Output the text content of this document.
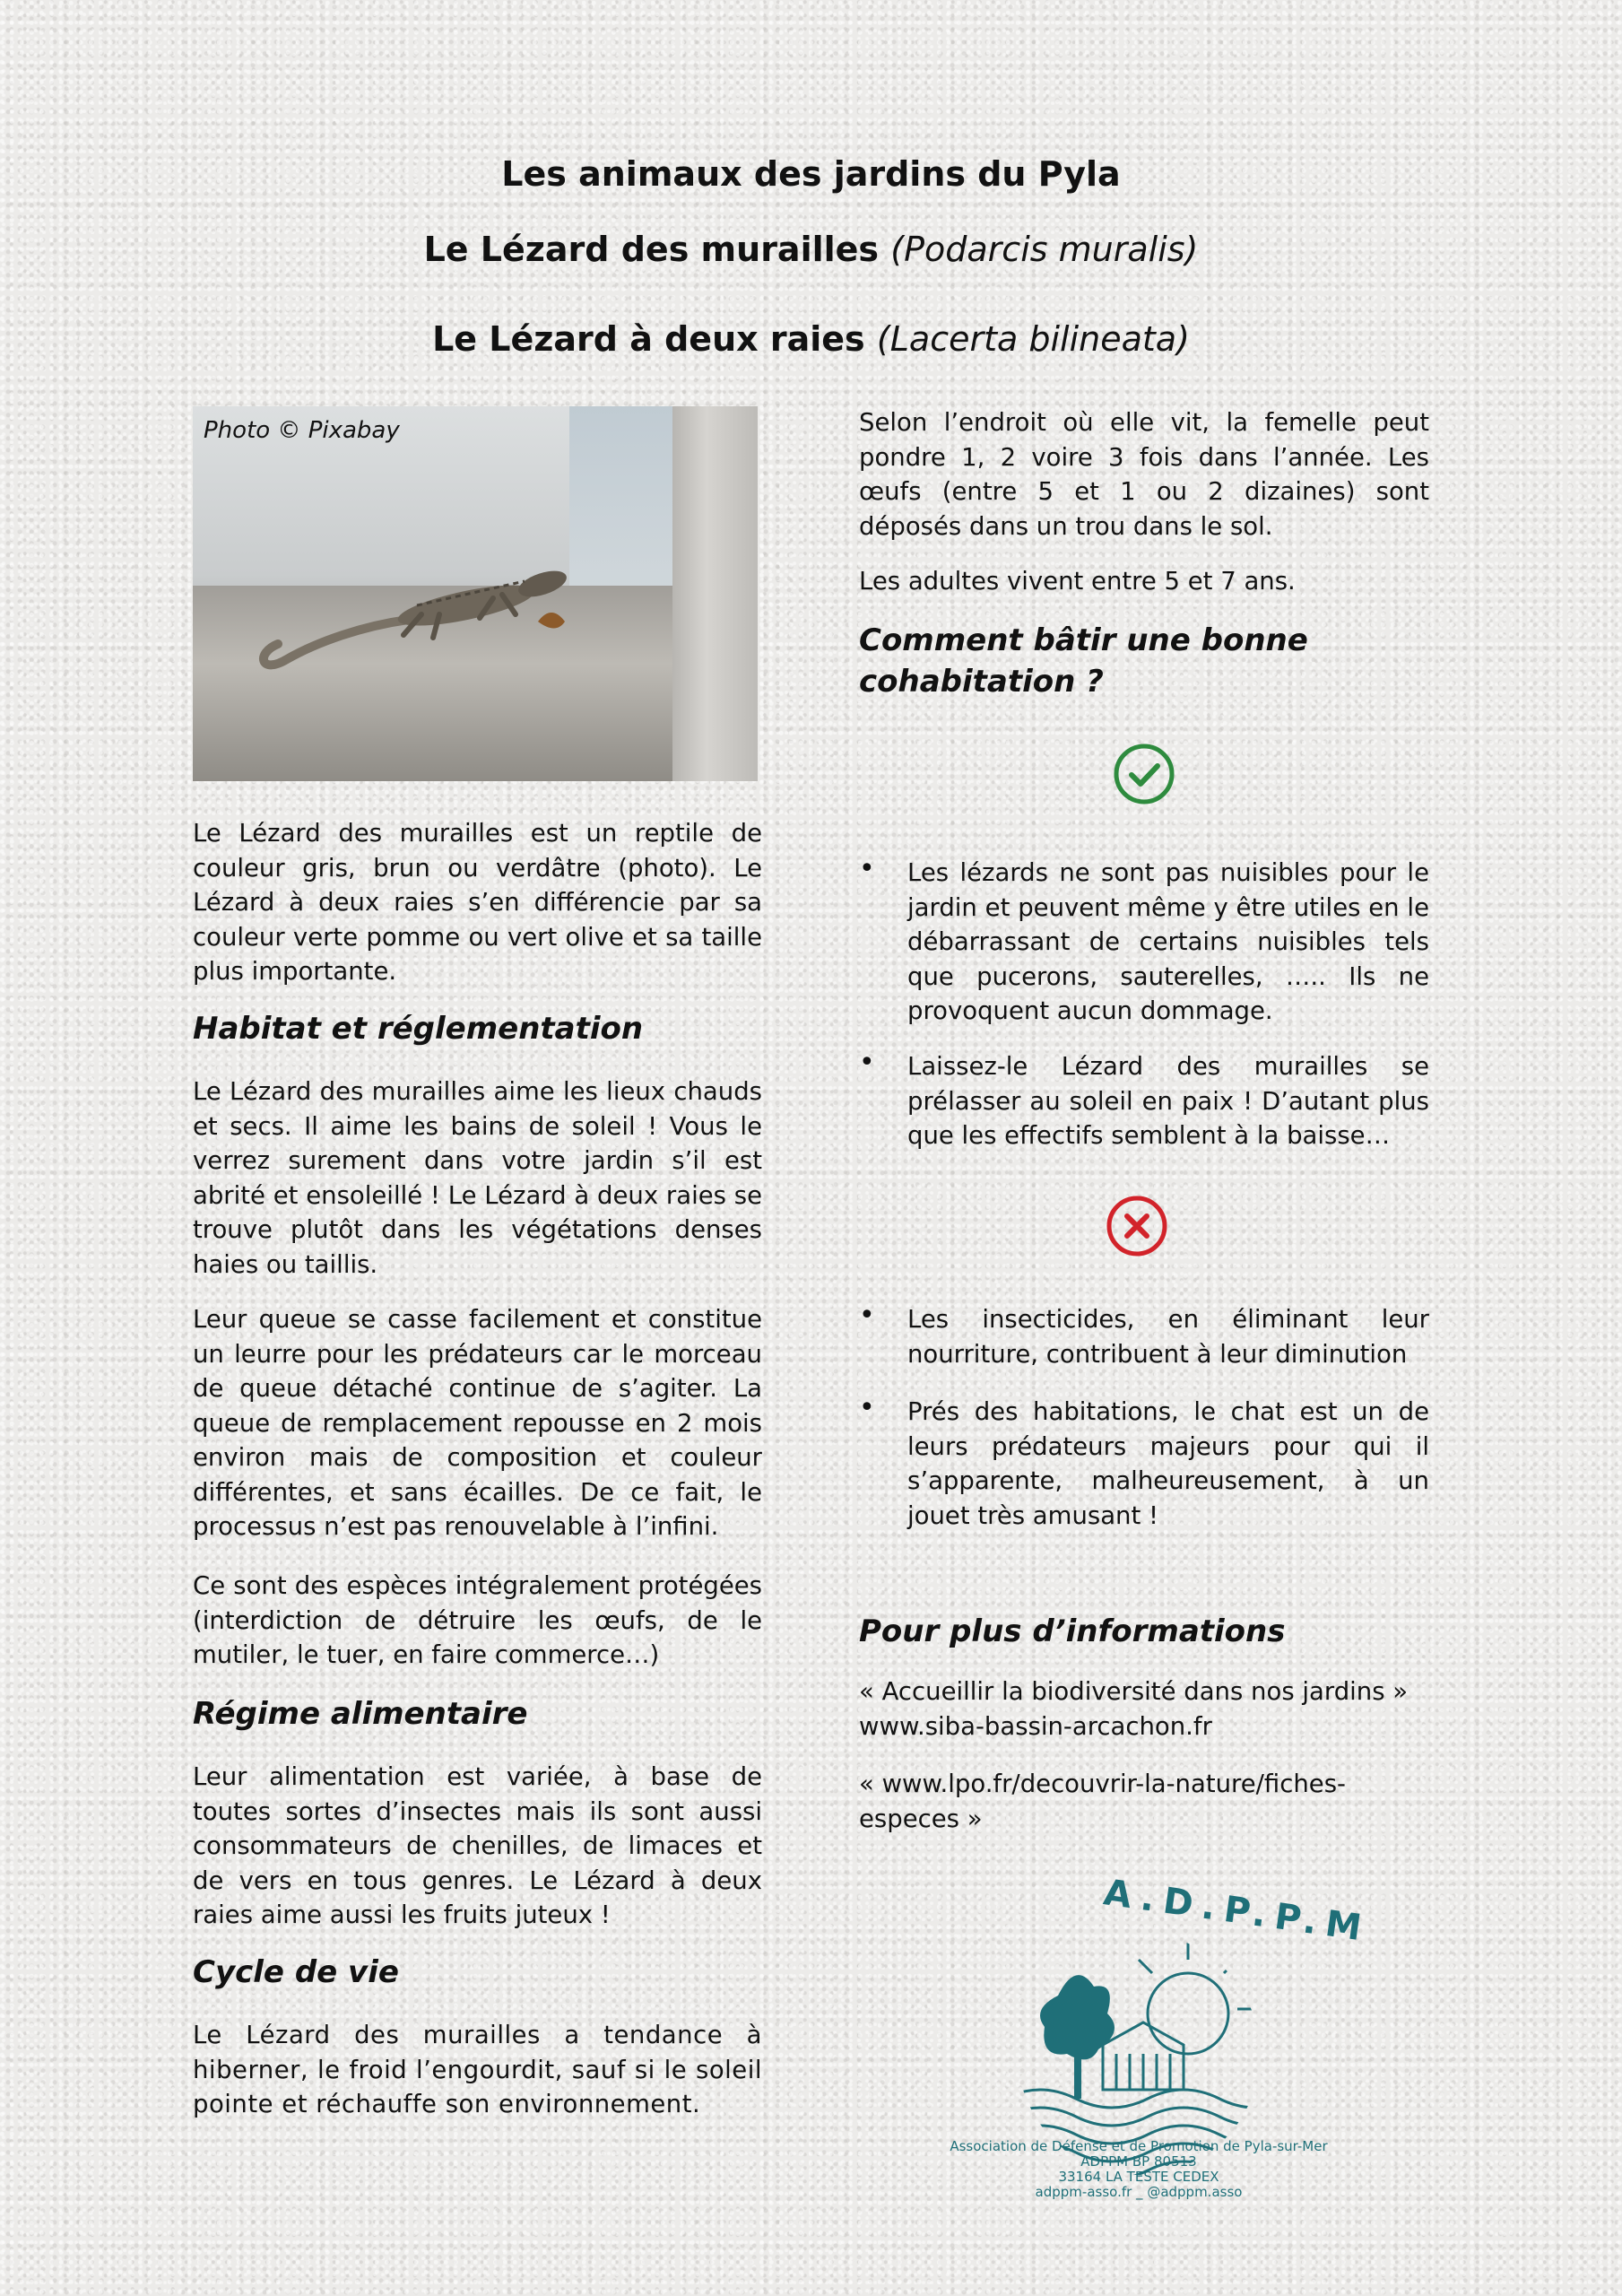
Les animaux des jardins du Pyla
Le Lézard des murailles (Podarcis muralis)
Le Lézard à deux raies (Lacerta bilineata)
Photo © Pixabay

Le Lézard des murailles est un reptile de couleur gris, brun ou verdâtre (photo). Le Lézard à deux raies s’en différencie par sa couleur verte pomme ou vert olive et sa taille plus importante.

Habitat et réglementation

Le Lézard des murailles aime les lieux chauds et secs. Il aime les bains de soleil ! Vous le verrez surement dans votre jardin s’il est abrité et ensoleillé ! Le Lézard à deux raies se trouve plutôt dans les végétations denses haies ou taillis.

Leur queue se casse facilement et constitue un leurre pour les prédateurs car le morceau de queue détaché continue de s’agiter. La queue de remplacement repousse en 2 mois environ mais de composition et couleur différentes, et sans écailles. De ce fait, le processus n’est pas renouvelable à l’infini.

Ce sont des espèces intégralement protégées (interdiction de détruire les œufs, de le mutiler, le tuer, en faire commerce…)

Régime alimentaire

Leur alimentation est variée, à base de toutes sortes d’insectes mais ils sont aussi consommateurs de chenilles, de limaces et de vers en tous genres. Le Lézard à deux raies aime aussi les fruits juteux !

Cycle de vie

Le Lézard des murailles a tendance à hiberner, le froid l’engourdit, sauf si le soleil pointe et réchauffe son environnement.

Selon l’endroit où elle vit, la femelle peut pondre 1, 2 voire 3 fois dans l’année. Les œufs (entre 5 et 1 ou 2 dizaines) sont déposés dans un trou dans le sol.

Les adultes vivent entre 5 et 7 ans.

Comment bâtir une bonne cohabitation ?
• Les lézards ne sont pas nuisibles pour le jardin et peuvent même y être utiles en le débarrassant de certains nuisibles tels que pucerons, sauterelles, ….. Ils ne provoquent aucun dommage.
• Laissez-le Lézard des murailles se prélasser au soleil en paix ! D’autant plus que les effectifs semblent à la baisse…
• Les insecticides, en éliminant leur nourriture, contribuent à leur diminution
• Prés des habitations, le chat est un de leurs prédateurs majeurs pour qui il s’apparente, malheureusement, à un jouet très amusant !
Pour plus d’informations

« Accueillir la biodiversité dans nos jardins » www.siba-bassin-arcachon.fr

« www.lpo.fr/decouvrir-la-nature/fiches-especes »

A.D.P.P.M
Association de Défense et de Promotion de Pyla-sur-Mer
ADPPM BP 80513
33164 LA TESTE CEDEX
adppm-asso.fr _ @adppm.asso
